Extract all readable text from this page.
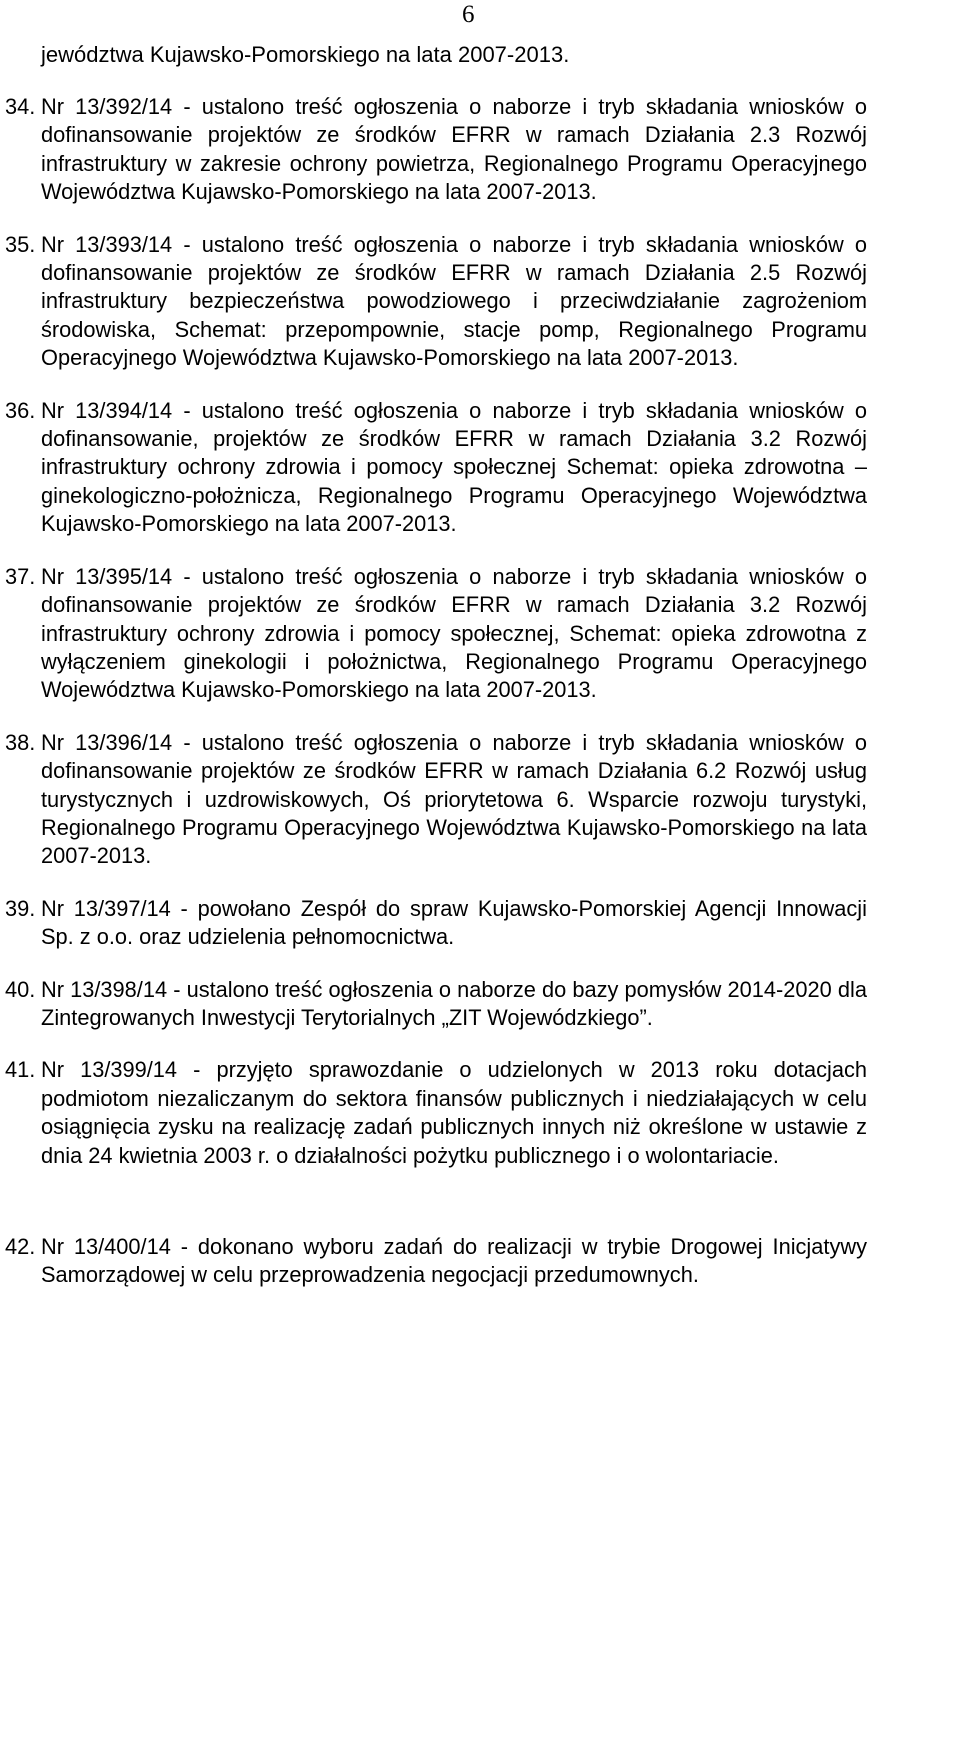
6
jewództwa Kujawsko-Pomorskiego na lata 2007-2013.
34. Nr 13/392/14 - ustalono treść ogłoszenia o naborze i tryb składania wniosków o dofinansowanie projektów ze środków EFRR w ramach Działania 2.3 Rozwój infrastruktury w zakresie ochrony powietrza, Regionalnego Programu Operacyjnego Województwa Kujawsko-Pomorskiego na lata 2007-2013.
35. Nr 13/393/14 - ustalono treść ogłoszenia o naborze i tryb składania wniosków o dofinansowanie projektów ze środków EFRR w ramach Działania 2.5 Rozwój infrastruktury bezpieczeństwa powodziowego i przeciwdziałanie zagrożeniom środowiska, Schemat: przepompownie, stacje pomp, Regionalnego Programu Operacyjnego Województwa Kujawsko-Pomorskiego na lata 2007-2013.
36. Nr 13/394/14 - ustalono treść ogłoszenia o naborze i tryb składania wniosków o dofinansowanie, projektów ze środków EFRR w ramach Działania 3.2 Rozwój infrastruktury ochrony zdrowia i pomocy społecznej Schemat: opieka zdrowotna – ginekologiczno-położnicza, Regionalnego Programu Operacyjnego Województwa Kujawsko-Pomorskiego na lata 2007-2013.
37. Nr 13/395/14 - ustalono treść ogłoszenia o naborze i tryb składania wniosków o dofinansowanie projektów ze środków EFRR w ramach Działania 3.2 Rozwój infrastruktury ochrony zdrowia i pomocy społecznej, Schemat: opieka zdrowotna z wyłączeniem ginekologii i położnictwa, Regionalnego Programu Operacyjnego Województwa Kujawsko-Pomorskiego na lata 2007-2013.
38. Nr 13/396/14 - ustalono treść ogłoszenia o naborze i tryb składania wniosków o dofinansowanie projektów ze środków EFRR w ramach Działania 6.2 Rozwój usług turystycznych i uzdrowiskowych, Oś priorytetowa 6. Wsparcie rozwoju turystyki, Regionalnego Programu Operacyjnego Województwa Kujawsko-Pomorskiego na lata 2007-2013.
39. Nr 13/397/14 - powołano Zespół do spraw Kujawsko-Pomorskiej Agencji Innowacji Sp. z o.o. oraz udzielenia pełnomocnictwa.
40. Nr 13/398/14 - ustalono treść ogłoszenia o naborze do bazy pomysłów 2014-2020 dla Zintegrowanych Inwestycji Terytorialnych „ZIT Wojewódzkiego”.
41. Nr 13/399/14 - przyjęto sprawozdanie o udzielonych w 2013 roku dotacjach podmiotom niezaliczanym do sektora finansów publicznych i niedziałających w celu osiągnięcia zysku na realizację zadań publicznych innych niż określone w ustawie z dnia 24 kwietnia 2003 r. o działalności pożytku publicznego i o wolontariacie.
42. Nr 13/400/14 - dokonano wyboru zadań do realizacji w trybie Drogowej Inicjatywy Samorządowej w celu przeprowadzenia negocjacji przedumownych.
